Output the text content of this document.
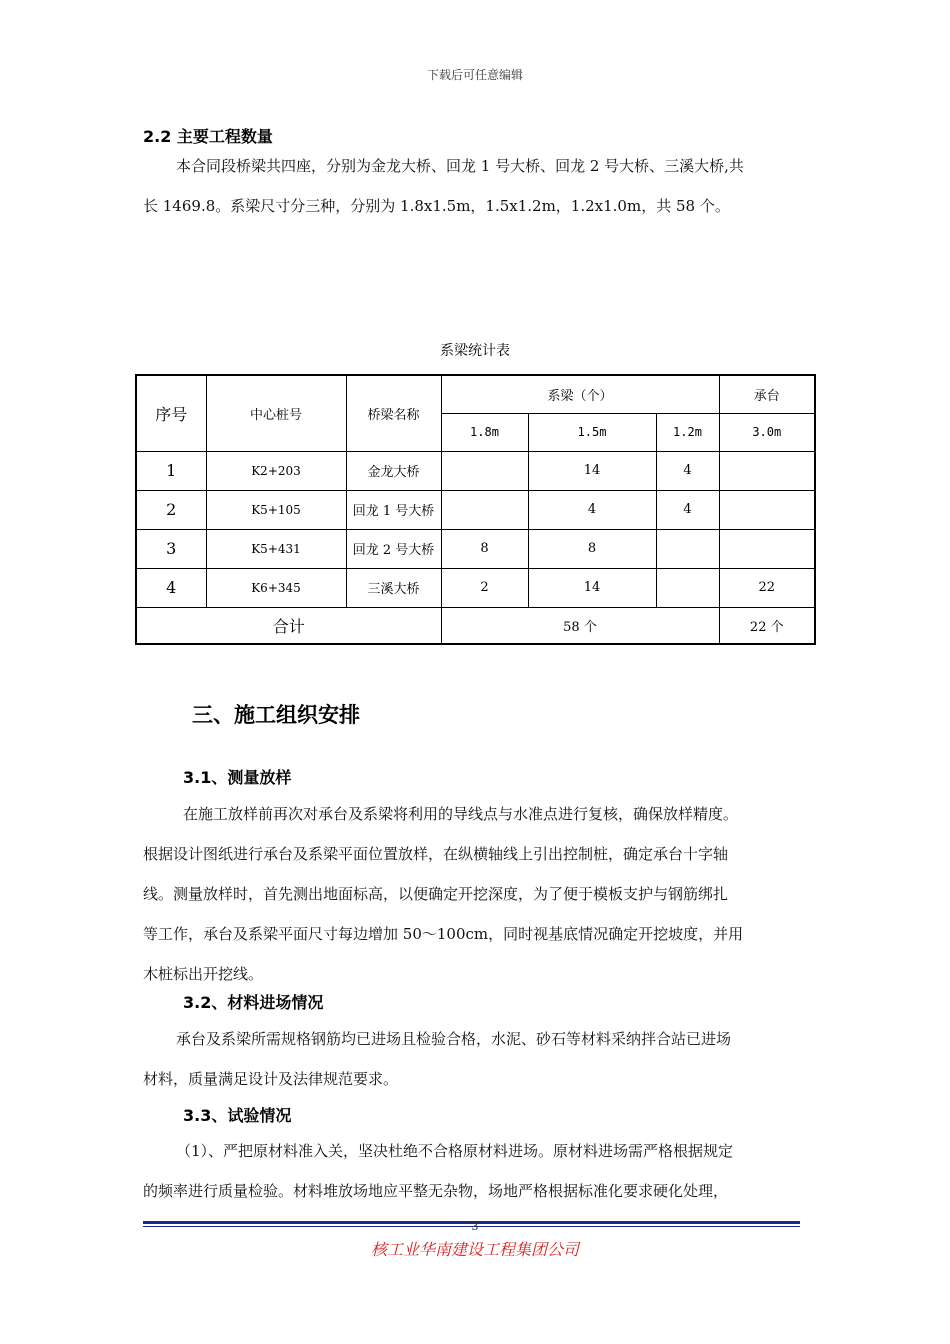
下载后可任意编辑
2.2 主要工程数量

本合同段桥梁共四座，分别为金龙大桥、回龙 1 号大桥、回龙 2 号大桥、三溪大桥,共

长 1469.8。系梁尺寸分三种，分别为 1.8x1.5m，1.5x1.2m，1.2x1.0m，共 58 个。

系梁统计表
序号	中心桩号	桥梁名称	系梁（个）			承台
			1.8m	1.5m	1.2m	3.0m
1	K2+203	金龙大桥		14	4	
2	K5+105	回龙 1 号大桥		4	4	
3	K5+431	回龙 2 号大桥	8	8		
4	K6+345	三溪大桥	2	14		22
合计			58 个			22 个
三、施工组织安排
3.1、测量放样

在施工放样前再次对承台及系梁将利用的导线点与水准点进行复核，确保放样精度。

根据设计图纸进行承台及系梁平面位置放样，在纵横轴线上引出控制桩，确定承台十字轴

线。测量放样时，首先测出地面标高，以便确定开挖深度，为了便于模板支护与钢筋绑扎

等工作，承台及系梁平面尺寸每边增加 50～100cm，同时视基底情况确定开挖坡度，并用

木桩标出开挖线。

3.2、材料进场情况

承台及系梁所需规格钢筋均已进场且检验合格，水泥、砂石等材料采纳拌合站已进场

材料，质量满足设计及法律规范要求。

3.3、试验情况

（1）、严把原材料准入关，坚决杜绝不合格原材料进场。原材料进场需严格根据规定

的频率进行质量检验。材料堆放场地应平整无杂物，场地严格根据标准化要求硬化处理，

3
核工业华南建设工程集团公司
